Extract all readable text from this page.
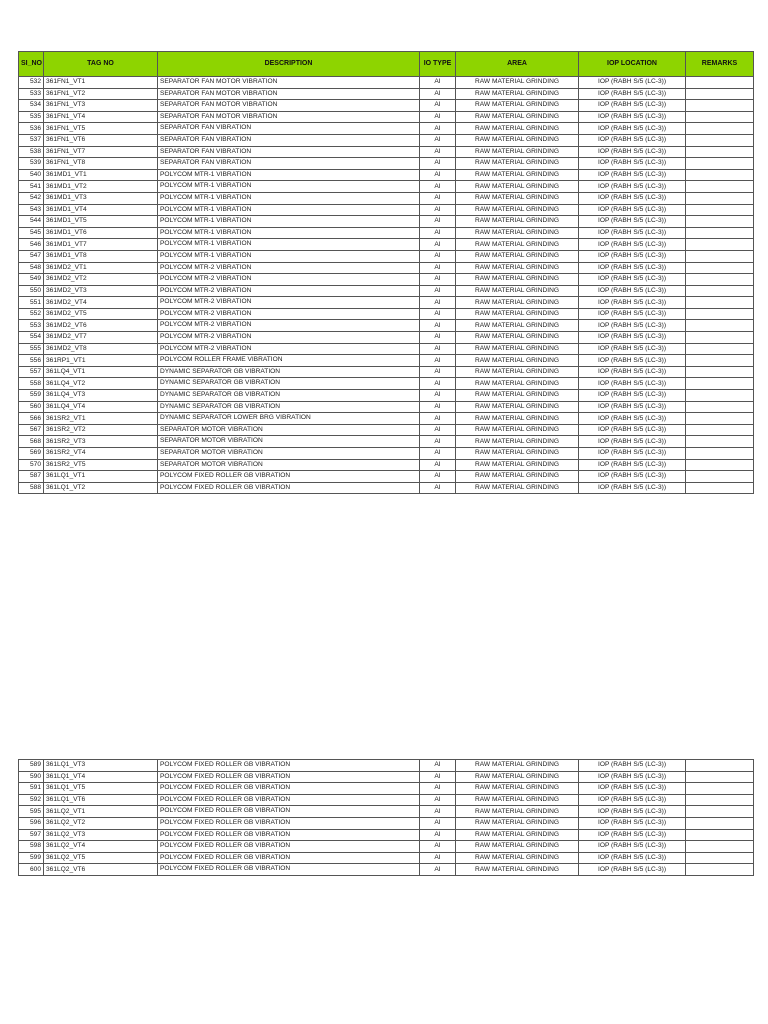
SI_NO	TAG NO	DESCRIPTION	IO TYPE	AREA	IOP LOCATION	REMARKS
532	361FN1_VT1	SEPARATOR FAN MOTOR VIBRATION	AI	RAW MATERIAL GRINDING	IOP (RABH S/5 (LC-3))	
533	361FN1_VT2	SEPARATOR FAN MOTOR VIBRATION	AI	RAW MATERIAL GRINDING	IOP (RABH S/5 (LC-3))	
534	361FN1_VT3	SEPARATOR FAN MOTOR VIBRATION	AI	RAW MATERIAL GRINDING	IOP (RABH S/5 (LC-3))	
535	361FN1_VT4	SEPARATOR FAN MOTOR VIBRATION	AI	RAW MATERIAL GRINDING	IOP (RABH S/5 (LC-3))	
536	361FN1_VT5	SEPARATOR FAN VIBRATION	AI	RAW MATERIAL GRINDING	IOP (RABH S/5 (LC-3))	
537	361FN1_VT6	SEPARATOR FAN VIBRATION	AI	RAW MATERIAL GRINDING	IOP (RABH S/5 (LC-3))	
538	361FN1_VT7	SEPARATOR FAN VIBRATION	AI	RAW MATERIAL GRINDING	IOP (RABH S/5 (LC-3))	
539	361FN1_VT8	SEPARATOR FAN VIBRATION	AI	RAW MATERIAL GRINDING	IOP (RABH S/5 (LC-3))	
540	361MD1_VT1	POLYCOM MTR-1 VIBRATION	AI	RAW MATERIAL GRINDING	IOP (RABH S/5 (LC-3))	
541	361MD1_VT2	POLYCOM MTR-1 VIBRATION	AI	RAW MATERIAL GRINDING	IOP (RABH S/5 (LC-3))	
542	361MD1_VT3	POLYCOM MTR-1 VIBRATION	AI	RAW MATERIAL GRINDING	IOP (RABH S/5 (LC-3))	
543	361MD1_VT4	POLYCOM MTR-1 VIBRATION	AI	RAW MATERIAL GRINDING	IOP (RABH S/5 (LC-3))	
544	361MD1_VT5	POLYCOM MTR-1 VIBRATION	AI	RAW MATERIAL GRINDING	IOP (RABH S/5 (LC-3))	
545	361MD1_VT6	POLYCOM MTR-1 VIBRATION	AI	RAW MATERIAL GRINDING	IOP (RABH S/5 (LC-3))	
546	361MD1_VT7	POLYCOM MTR-1 VIBRATION	AI	RAW MATERIAL GRINDING	IOP (RABH S/5 (LC-3))	
547	361MD1_VT8	POLYCOM MTR-1 VIBRATION	AI	RAW MATERIAL GRINDING	IOP (RABH S/5 (LC-3))	
548	361MD2_VT1	POLYCOM MTR-2 VIBRATION	AI	RAW MATERIAL GRINDING	IOP (RABH S/5 (LC-3))	
549	361MD2_VT2	POLYCOM MTR-2 VIBRATION	AI	RAW MATERIAL GRINDING	IOP (RABH S/5 (LC-3))	
550	361MD2_VT3	POLYCOM MTR-2 VIBRATION	AI	RAW MATERIAL GRINDING	IOP (RABH S/5 (LC-3))	
551	361MD2_VT4	POLYCOM MTR-2 VIBRATION	AI	RAW MATERIAL GRINDING	IOP (RABH S/5 (LC-3))	
552	361MD2_VT5	POLYCOM MTR-2 VIBRATION	AI	RAW MATERIAL GRINDING	IOP (RABH S/5 (LC-3))	
553	361MD2_VT6	POLYCOM MTR-2 VIBRATION	AI	RAW MATERIAL GRINDING	IOP (RABH S/5 (LC-3))	
554	361MD2_VT7	POLYCOM MTR-2 VIBRATION	AI	RAW MATERIAL GRINDING	IOP (RABH S/5 (LC-3))	
555	361MD2_VT8	POLYCOM MTR-2 VIBRATION	AI	RAW MATERIAL GRINDING	IOP (RABH S/5 (LC-3))	
556	361RP1_VT1	POLYCOM ROLLER FRAME VIBRATION	AI	RAW MATERIAL GRINDING	IOP (RABH S/5 (LC-3))	
557	361LQ4_VT1	DYNAMIC SEPARATOR GB VIBRATION	AI	RAW MATERIAL GRINDING	IOP (RABH S/5 (LC-3))	
558	361LQ4_VT2	DYNAMIC SEPARATOR GB VIBRATION	AI	RAW MATERIAL GRINDING	IOP (RABH S/5 (LC-3))	
559	361LQ4_VT3	DYNAMIC SEPARATOR GB VIBRATION	AI	RAW MATERIAL GRINDING	IOP (RABH S/5 (LC-3))	
560	361LQ4_VT4	DYNAMIC SEPARATOR GB VIBRATION	AI	RAW MATERIAL GRINDING	IOP (RABH S/5 (LC-3))	
566	361SR2_VT1	DYNAMIC SEPARATOR LOWER BRG VIBRATION	AI	RAW MATERIAL GRINDING	IOP (RABH S/5 (LC-3))	
567	361SR2_VT2	SEPARATOR MOTOR VIBRATION	AI	RAW MATERIAL GRINDING	IOP (RABH S/5 (LC-3))	
568	361SR2_VT3	SEPARATOR MOTOR VIBRATION	AI	RAW MATERIAL GRINDING	IOP (RABH S/5 (LC-3))	
569	361SR2_VT4	SEPARATOR MOTOR VIBRATION	AI	RAW MATERIAL GRINDING	IOP (RABH S/5 (LC-3))	
570	361SR2_VT5	SEPARATOR MOTOR VIBRATION	AI	RAW MATERIAL GRINDING	IOP (RABH S/5 (LC-3))	
587	361LQ1_VT1	POLYCOM FIXED ROLLER GB VIBRATION	AI	RAW MATERIAL GRINDING	IOP (RABH S/5 (LC-3))	
588	361LQ1_VT2	POLYCOM FIXED ROLLER GB VIBRATION	AI	RAW MATERIAL GRINDING	IOP (RABH S/5 (LC-3))	
589	361LQ1_VT3	POLYCOM FIXED ROLLER GB VIBRATION	AI	RAW MATERIAL GRINDING	IOP (RABH S/5 (LC-3))	
590	361LQ1_VT4	POLYCOM FIXED ROLLER GB VIBRATION	AI	RAW MATERIAL GRINDING	IOP (RABH S/5 (LC-3))	
591	361LQ1_VT5	POLYCOM FIXED ROLLER GB VIBRATION	AI	RAW MATERIAL GRINDING	IOP (RABH S/5 (LC-3))	
592	361LQ1_VT6	POLYCOM FIXED ROLLER GB VIBRATION	AI	RAW MATERIAL GRINDING	IOP (RABH S/5 (LC-3))	
595	361LQ2_VT1	POLYCOM FIXED ROLLER GB VIBRATION	AI	RAW MATERIAL GRINDING	IOP (RABH S/5 (LC-3))	
596	361LQ2_VT2	POLYCOM FIXED ROLLER GB VIBRATION	AI	RAW MATERIAL GRINDING	IOP (RABH S/5 (LC-3))	
597	361LQ2_VT3	POLYCOM FIXED ROLLER GB VIBRATION	AI	RAW MATERIAL GRINDING	IOP (RABH S/5 (LC-3))	
598	361LQ2_VT4	POLYCOM FIXED ROLLER GB VIBRATION	AI	RAW MATERIAL GRINDING	IOP (RABH S/5 (LC-3))	
599	361LQ2_VT5	POLYCOM FIXED ROLLER GB VIBRATION	AI	RAW MATERIAL GRINDING	IOP (RABH S/5 (LC-3))	
600	361LQ2_VT6	POLYCOM FIXED ROLLER GB VIBRATION	AI	RAW MATERIAL GRINDING	IOP (RABH S/5 (LC-3))	
